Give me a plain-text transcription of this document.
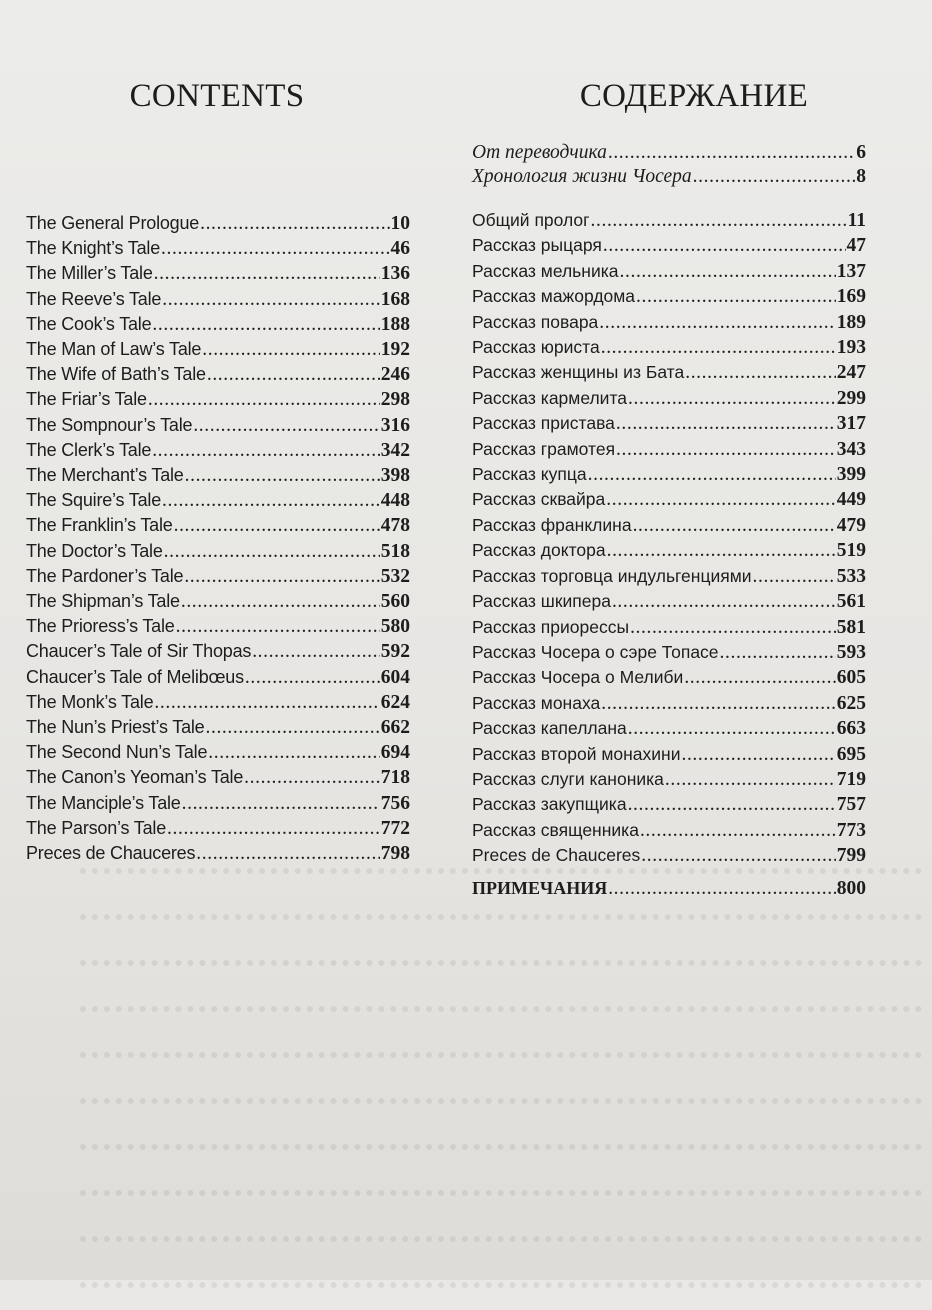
CONTENTS
The General Prologue .....	10
The Knight’s Tale .....	46
The Miller’s Tale .....	136
The Reeve’s Tale .....	168
The Cook’s Tale .....	188
The Man of Law’s Tale .....	192
The Wife of Bath’s Tale .....	246
The Friar’s Tale .....	298
The Sompnour’s Tale .....	316
The Clerk’s Tale .....	342
The Merchant’s Tale .....	398
The Squire’s Tale .....	448
The Franklin’s Tale .....	478
The Doctor’s Tale .....	518
The Pardoner’s Tale .....	532
The Shipman’s Tale .....	560
The Prioress’s Tale .....	580
Chaucer’s Tale of Sir Thopas .....	592
Chaucer’s Tale of Melibœus .....	604
The Monk’s Tale .....	624
The Nun’s Priest’s Tale .....	662
The Second Nun’s Tale .....	694
The Canon’s Yeoman’s Tale .....	718
The Manciple’s Tale .....	756
The Parson’s Tale .....	772
Preces de Chauceres .....	798
СОДЕРЖАНИЕ
От переводчика .....	6
Хронология жизни Чосера .....	8
Общий пролог .....	11
Рассказ рыцаря .....	47
Рассказ мельника .....	137
Рассказ мажордома .....	169
Рассказ повара .....	189
Рассказ юриста .....	193
Рассказ женщины из Бата .....	247
Рассказ кармелита .....	299
Рассказ пристава .....	317
Рассказ грамотея .....	343
Рассказ купца .....	399
Рассказ сквайра .....	449
Рассказ франклина .....	479
Рассказ доктора .....	519
Рассказ торговца индульгенциями .....	533
Рассказ шкипера .....	561
Рассказ приорессы .....	581
Рассказ Чосера о сэре Топасе .....	593
Рассказ Чосера о Мелиби .....	605
Рассказ монаха .....	625
Рассказ капеллана .....	663
Рассказ второй монахини .....	695
Рассказ слуги каноника .....	719
Рассказ закупщика .....	757
Рассказ священника .....	773
Preces de Chauceres .....	799
ПРИМЕЧАНИЯ .....	800
